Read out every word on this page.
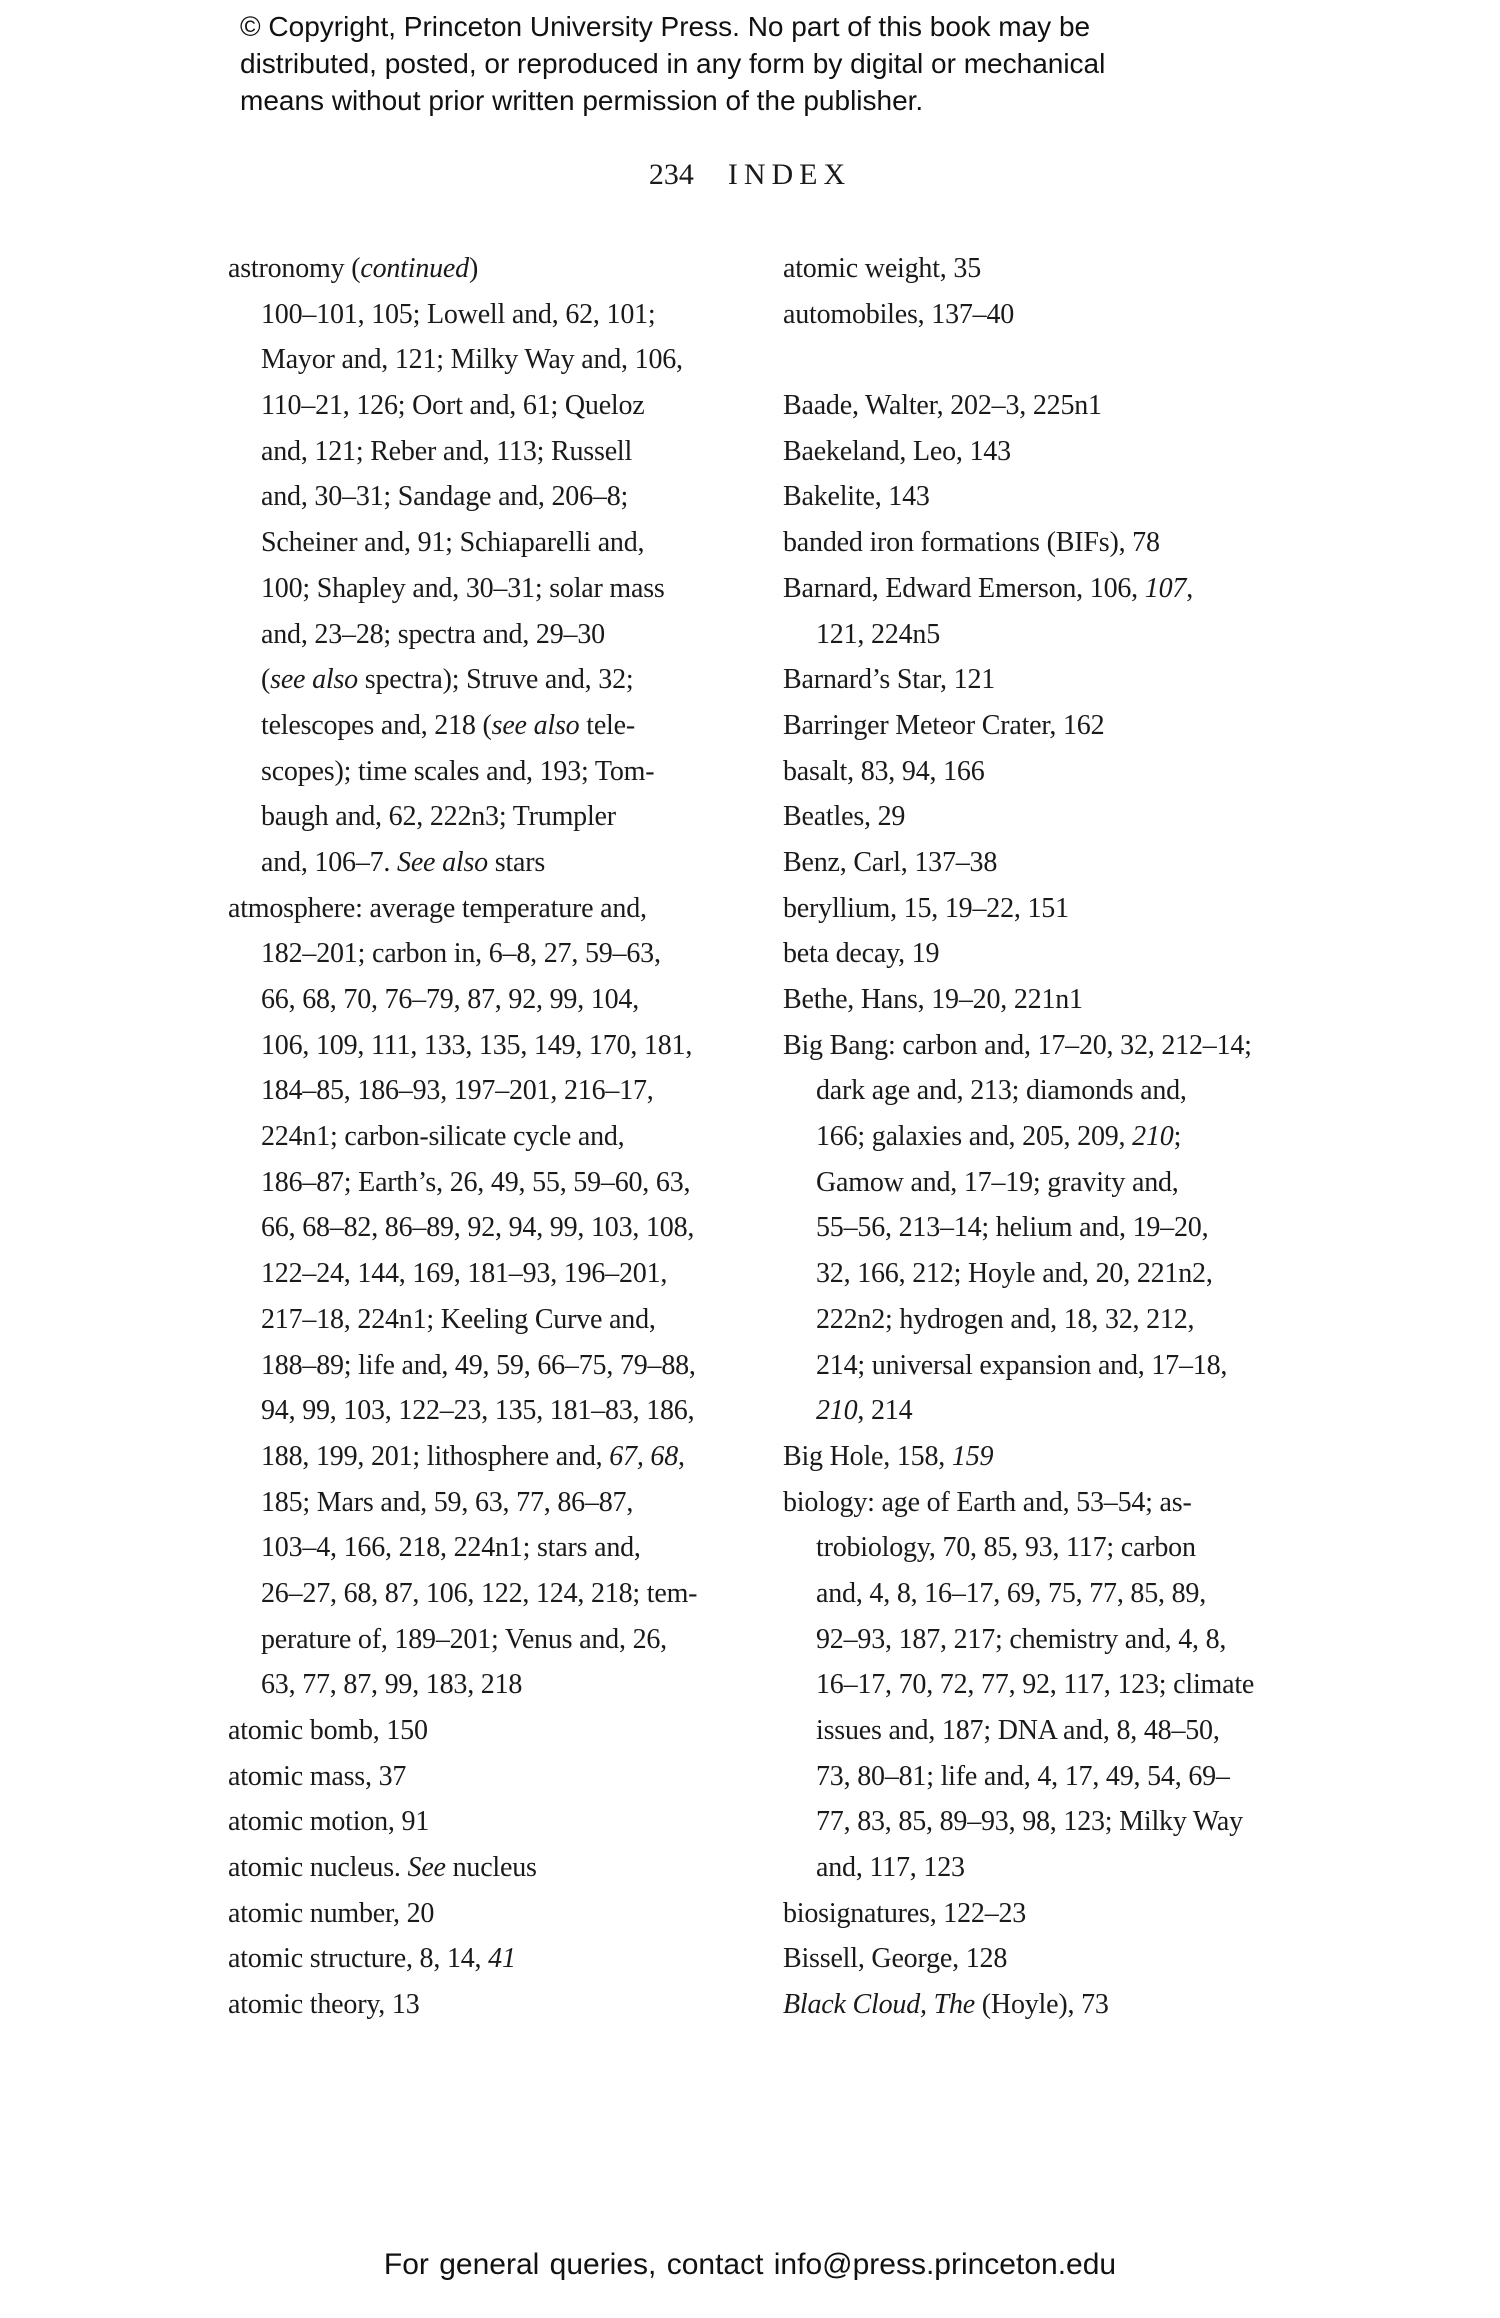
© Copyright, Princeton University Press. No part of this book may be
distributed, posted, or reproduced in any form by digital or mechanical
means without prior written permission of the publisher.
234 INDEX
astronomy (continued)
100–101, 105; Lowell and, 62, 101;
Mayor and, 121; Milky Way and, 106,
110–21, 126; Oort and, 61; Queloz
and, 121; Reber and, 113; Russell
and, 30–31; Sandage and, 206–8;
Scheiner and, 91; Schiaparelli and,
100; Shapley and, 30–31; solar mass
and, 23–28; spectra and, 29–30
(see also spectra); Struve and, 32;
telescopes and, 218 (see also tele-
scopes); time scales and, 193; Tom-
baugh and, 62, 222n3; Trumpler
and, 106–7. See also stars
atmosphere: average temperature and,
182–201; carbon in, 6–8, 27, 59–63,
66, 68, 70, 76–79, 87, 92, 99, 104,
106, 109, 111, 133, 135, 149, 170, 181,
184–85, 186–93, 197–201, 216–17,
224n1; carbon-silicate cycle and,
186–87; Earth’s, 26, 49, 55, 59–60, 63,
66, 68–82, 86–89, 92, 94, 99, 103, 108,
122–24, 144, 169, 181–93, 196–201,
217–18, 224n1; Keeling Curve and,
188–89; life and, 49, 59, 66–75, 79–88,
94, 99, 103, 122–23, 135, 181–83, 186,
188, 199, 201; lithosphere and, 67, 68,
185; Mars and, 59, 63, 77, 86–87,
103–4, 166, 218, 224n1; stars and,
26–27, 68, 87, 106, 122, 124, 218; tem-
perature of, 189–201; Venus and, 26,
63, 77, 87, 99, 183, 218
atomic bomb, 150
atomic mass, 37
atomic motion, 91
atomic nucleus. See nucleus
atomic number, 20
atomic structure, 8, 14, 41
atomic theory, 13
atomic weight, 35
automobiles, 137–40
Baade, Walter, 202–3, 225n1
Baekeland, Leo, 143
Bakelite, 143
banded iron formations (BIFs), 78
Barnard, Edward Emerson, 106, 107,
121, 224n5
Barnard’s Star, 121
Barringer Meteor Crater, 162
basalt, 83, 94, 166
Beatles, 29
Benz, Carl, 137–38
beryllium, 15, 19–22, 151
beta decay, 19
Bethe, Hans, 19–20, 221n1
Big Bang: carbon and, 17–20, 32, 212–14;
dark age and, 213; diamonds and,
166; galaxies and, 205, 209, 210;
Gamow and, 17–19; gravity and,
55–56, 213–14; helium and, 19–20,
32, 166, 212; Hoyle and, 20, 221n2,
222n2; hydrogen and, 18, 32, 212,
214; universal expansion and, 17–18,
210, 214
Big Hole, 158, 159
biology: age of Earth and, 53–54; as-
trobiology, 70, 85, 93, 117; carbon
and, 4, 8, 16–17, 69, 75, 77, 85, 89,
92–93, 187, 217; chemistry and, 4, 8,
16–17, 70, 72, 77, 92, 117, 123; climate
issues and, 187; DNA and, 8, 48–50,
73, 80–81; life and, 4, 17, 49, 54, 69–
77, 83, 85, 89–93, 98, 123; Milky Way
and, 117, 123
biosignatures, 122–23
Bissell, George, 128
Black Cloud, The (Hoyle), 73
For general queries, contact info@press.princeton.edu
